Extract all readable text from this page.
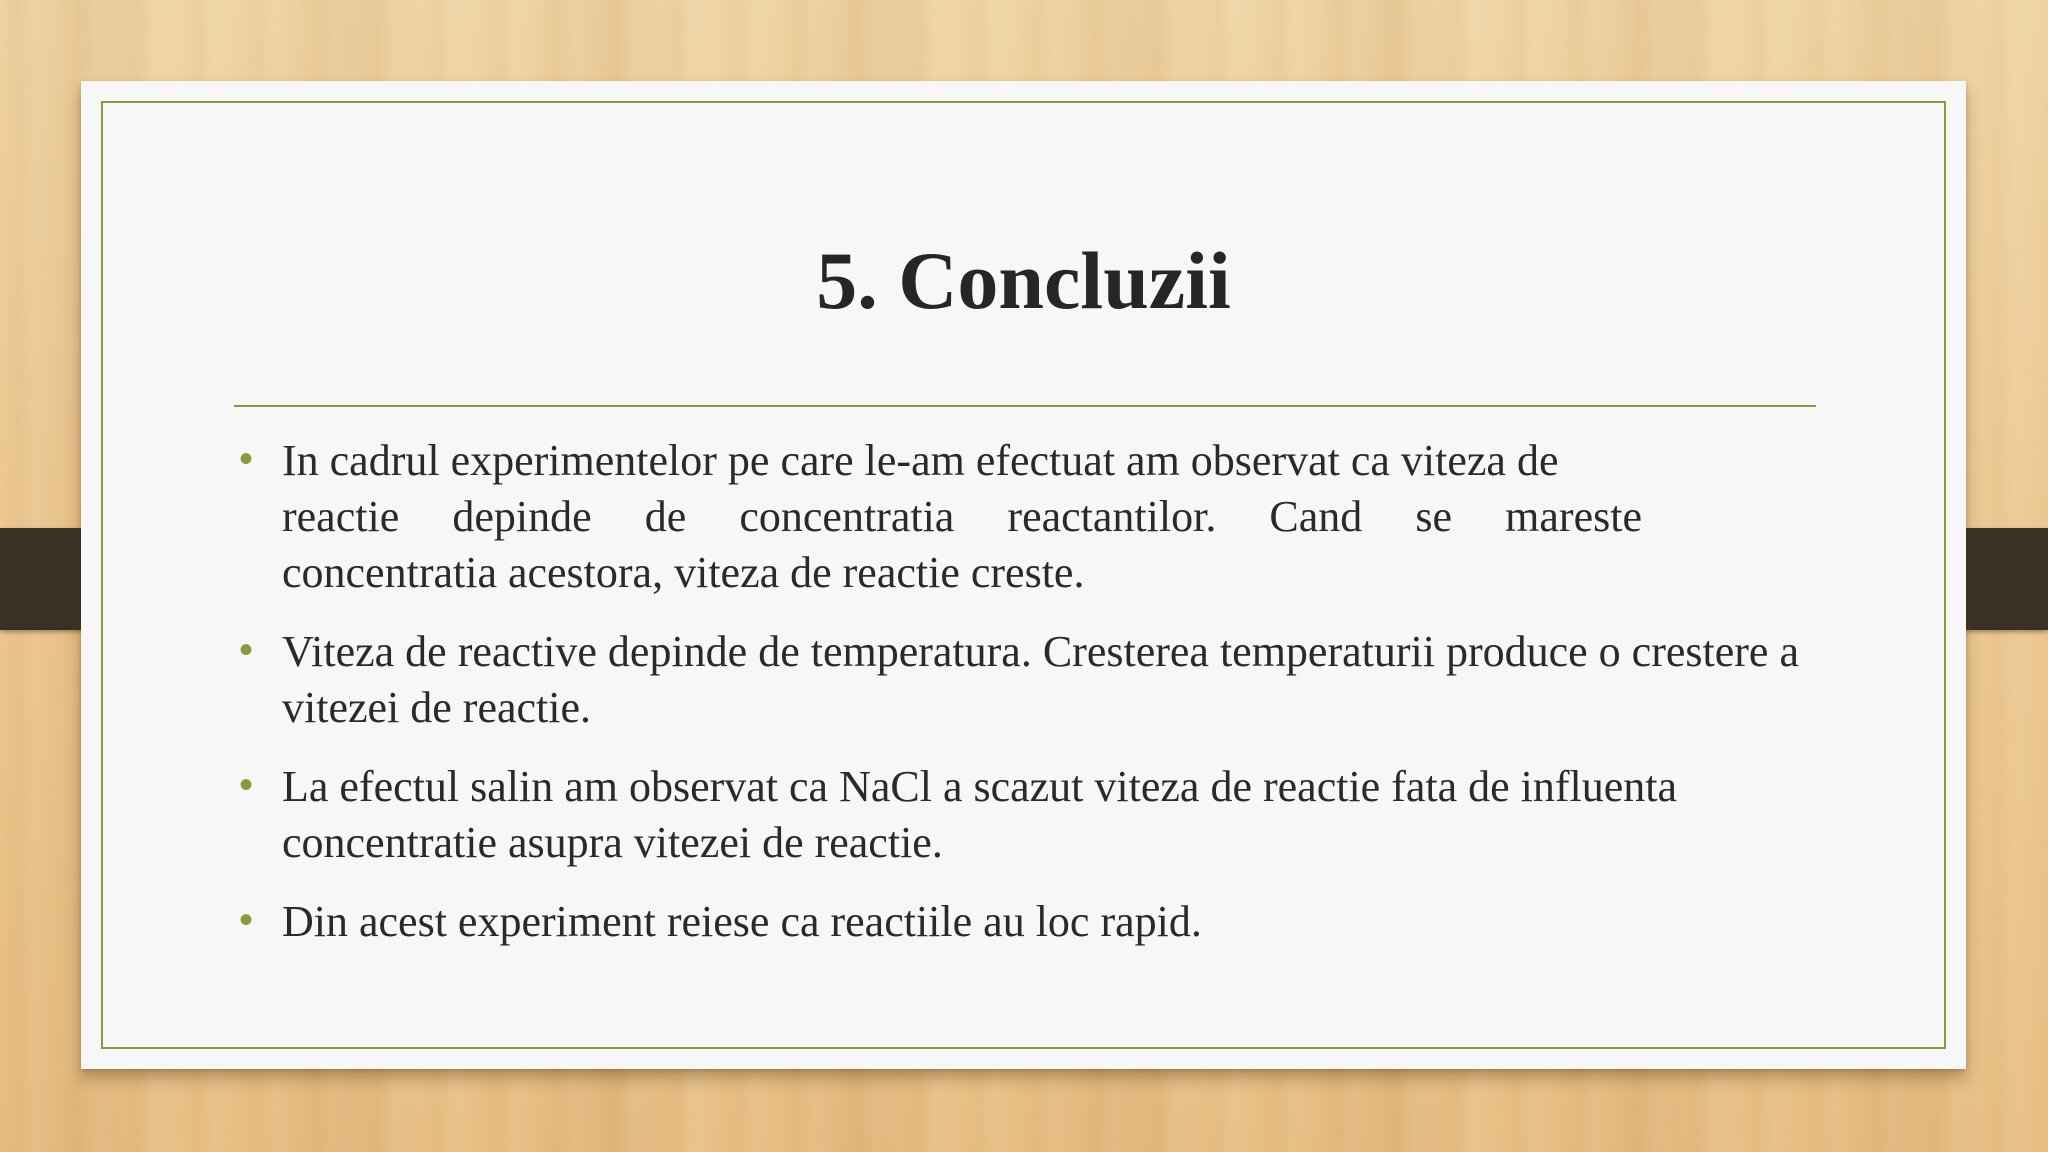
5. Concluzii
• In cadrul experimentelor pe care le-am efectuat am observat ca viteza de

reactie depinde de concentratia reactantilor. Cand se mareste
concentratia acestora, viteza de reactie creste.
• Viteza de reactive depinde de temperatura. Cresterea temperaturii produce o crestere a vitezei de reactie.
• La efectul salin am observat ca NaCl a scazut viteza de reactie fata de influenta concentratie asupra vitezei de reactie.
• Din acest experiment reiese ca reactiile au loc rapid.
